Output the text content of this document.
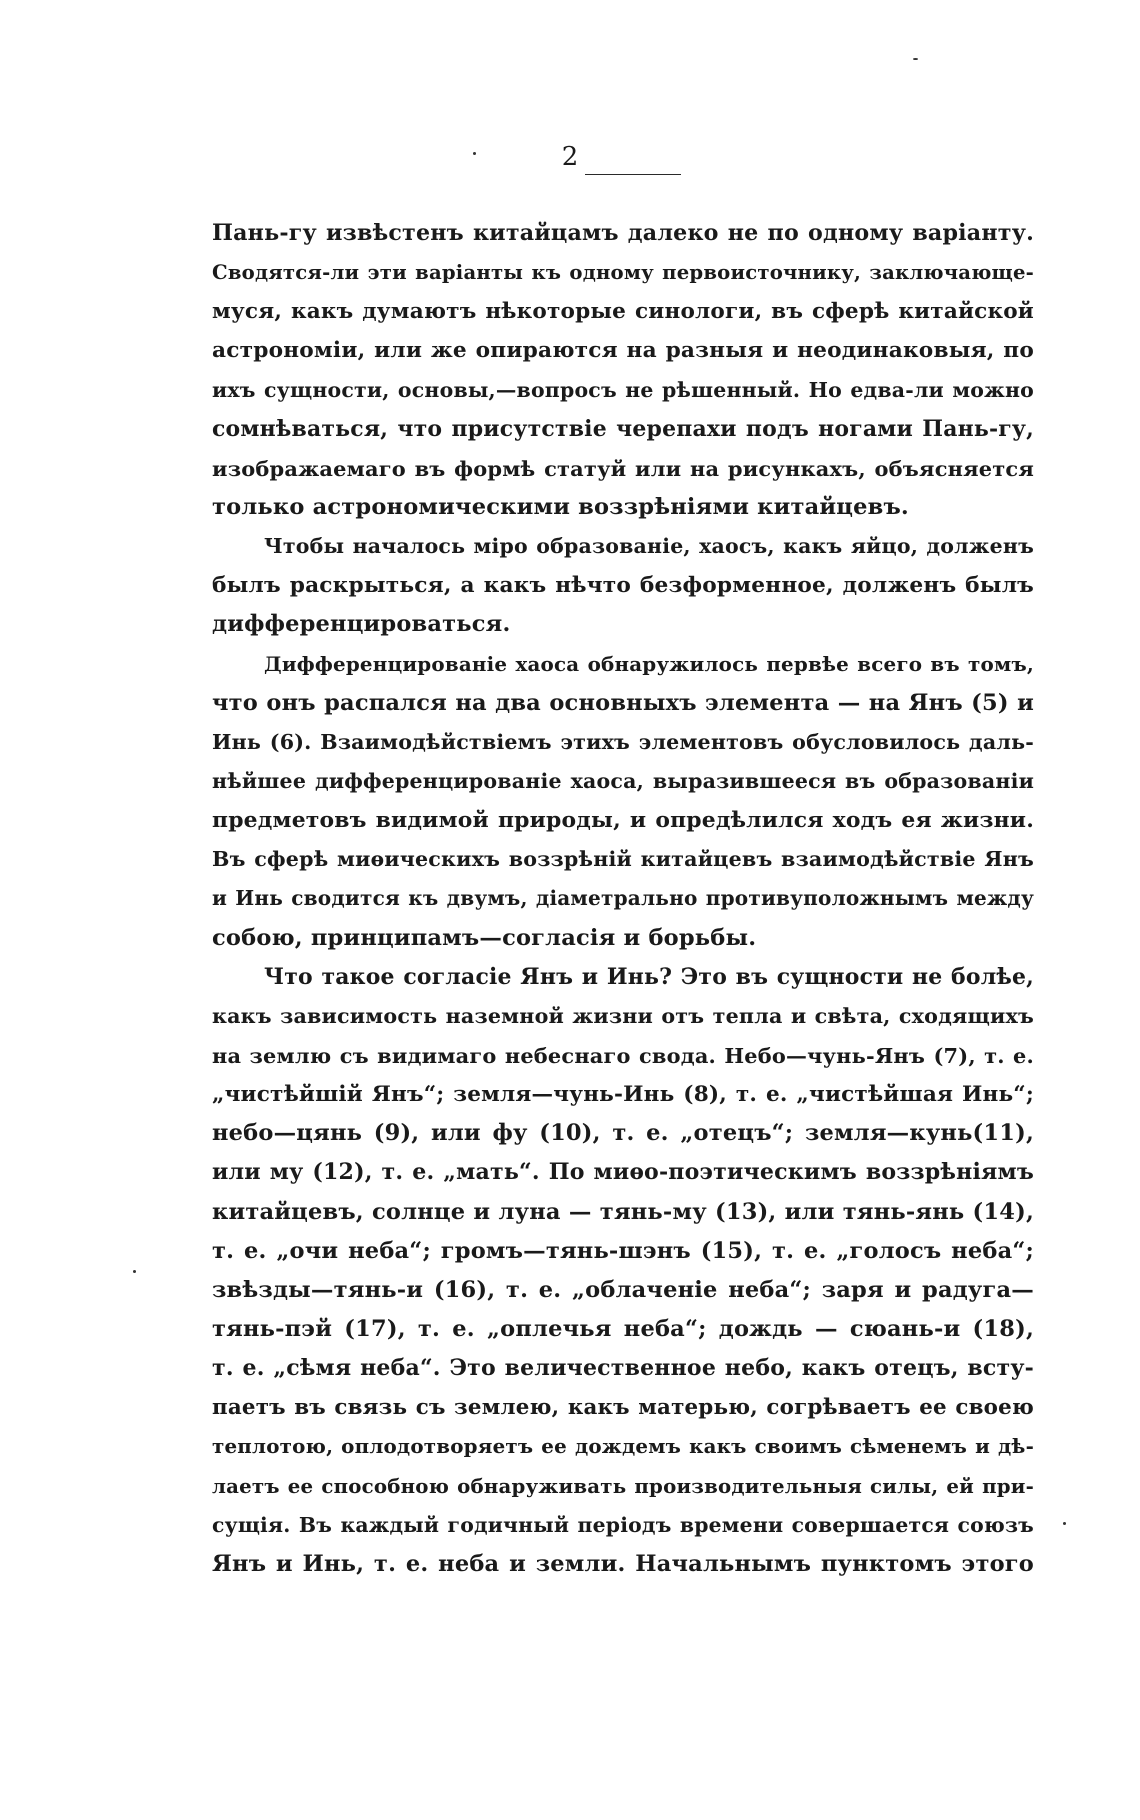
2
Пань-гу извѣстенъ китайцамъ далеко не по одному варіанту.
Сводятся-ли эти варіанты къ одному первоисточнику, заключающе-
муся, какъ думаютъ нѣкоторые синологи, въ сферѣ китайской
астрономіи, или же опираются на разныя и неодинаковыя, по
ихъ сущности, основы,—вопросъ не рѣшенный. Но едва-ли можно
сомнѣваться, что присутствіе черепахи подъ ногами Пань-гу,
изображаемаго въ формѣ статуй или на рисункахъ, объясняется
только астрономическими воззрѣніями китайцевъ.
Чтобы началось міро образованіе, хаосъ, какъ яйцо, долженъ
былъ раскрыться, а какъ нѣчто безформенное, долженъ былъ
дифференцироваться.
Дифференцированіе хаоса обнаружилось первѣе всего въ томъ,
что онъ распался на два основныхъ элемента — на Янъ (5) и
Инь (6). Взаимодѣйствіемъ этихъ элементовъ обусловилось даль-
нѣйшее дифференцированіе хаоса, выразившееся въ образованіи
предметовъ видимой природы, и опредѣлился ходъ ея жизни.
Въ сферѣ миѳическихъ воззрѣній китайцевъ взаимодѣйствіе Янъ
и Инь сводится къ двумъ, діаметрально противуположнымъ между
собою, принципамъ—согласія и борьбы.
Что такое согласіе Янъ и Инь? Это въ сущности не болѣе,
какъ зависимость наземной жизни отъ тепла и свѣта, сходящихъ
на землю съ видимаго небеснаго свода. Небо—чунь-Янъ (7), т. е.
„чистѣйшій Янъ“; земля—чунь-Инь (8), т. е. „чистѣйшая Инь“;
небо—цянь (9), или фу (10), т. е. „отецъ“; земля—кунь(11),
или му (12), т. е. „мать“. По миѳо-поэтическимъ воззрѣніямъ
китайцевъ, солнце и луна — тянь-му (13), или тянь-янь (14),
т. е. „очи неба“; громъ—тянь-шэнъ (15), т. е. „голосъ неба“;
звѣзды—тянь-и (16), т. е. „облаченіе неба“; заря и радуга—
тянь-пэй (17), т. е. „оплечья неба“; дождь — сюань-и (18),
т. е. „сѣмя неба“. Это величественное небо, какъ отецъ, всту-
паетъ въ связь съ землею, какъ матерью, согрѣваетъ ее своею
теплотою, оплодотворяетъ ее дождемъ какъ своимъ сѣменемъ и дѣ-
лаетъ ее способною обнаруживать производительныя силы, ей при-
сущія. Въ каждый годичный періодъ времени совершается союзъ
Янъ и Инь, т. е. неба и земли. Начальнымъ пунктомъ этого
